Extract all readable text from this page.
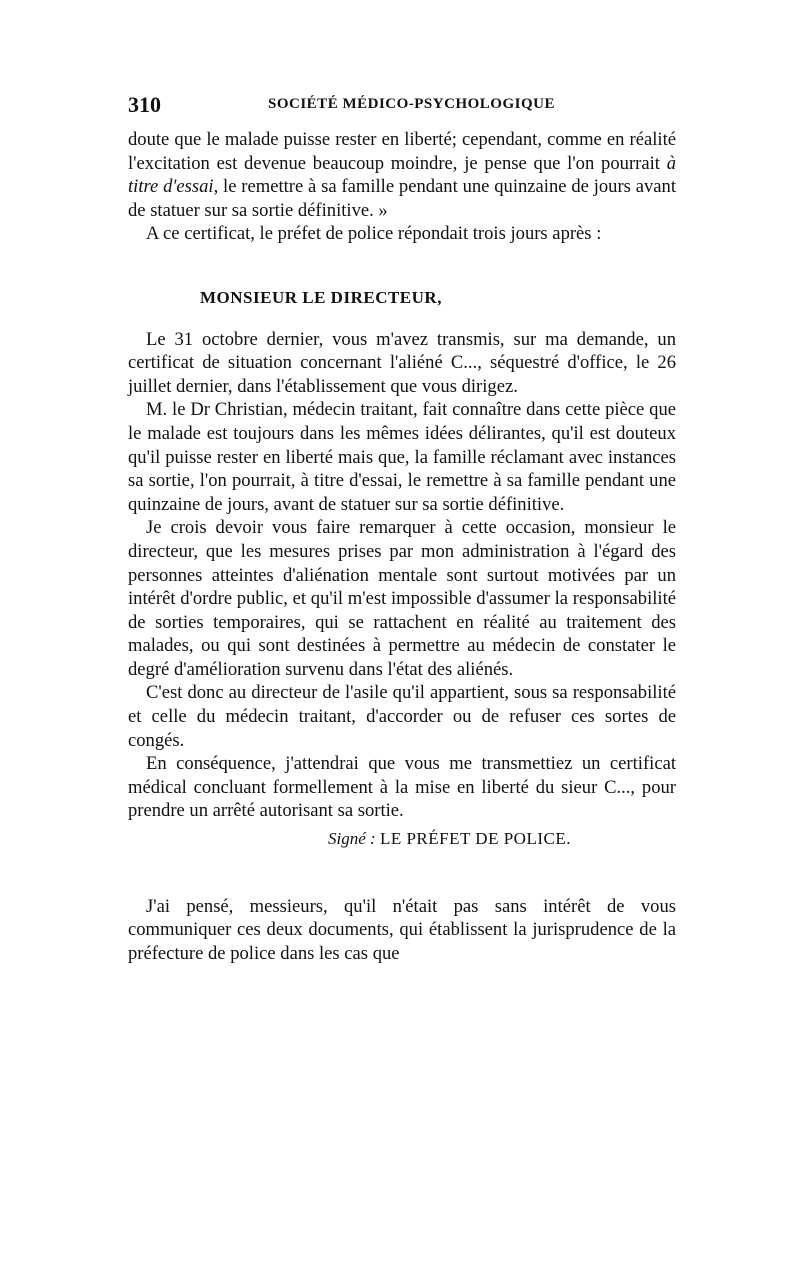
310	SOCIÉTÉ MÉDICO-PSYCHOLOGIQUE

doute que le malade puisse rester en liberté; cependant, comme en réalité l'excitation est devenue beaucoup moindre, je pense que l'on pourrait à titre d'essai, le remettre à sa famille pendant une quinzaine de jours avant de statuer sur sa sortie définitive. »

A ce certificat, le préfet de police répondait trois jours après :

MONSIEUR LE DIRECTEUR,

Le 31 octobre dernier, vous m'avez transmis, sur ma demande, un certificat de situation concernant l'aliéné C..., séquestré d'office, le 26 juillet dernier, dans l'établissement que vous dirigez.

M. le Dr Christian, médecin traitant, fait connaître dans cette pièce que le malade est toujours dans les mêmes idées délirantes, qu'il est douteux qu'il puisse rester en liberté mais que, la famille réclamant avec instances sa sortie, l'on pourrait, à titre d'essai, le remettre à sa famille pendant une quinzaine de jours, avant de statuer sur sa sortie définitive.

Je crois devoir vous faire remarquer à cette occasion, monsieur le directeur, que les mesures prises par mon administration à l'égard des personnes atteintes d'aliénation mentale sont surtout motivées par un intérêt d'ordre public, et qu'il m'est impossible d'assumer la responsabilité de sorties temporaires, qui se rattachent en réalité au traitement des malades, ou qui sont destinées à permettre au médecin de constater le degré d'amélioration survenu dans l'état des aliénés.

C'est donc au directeur de l'asile qu'il appartient, sous sa responsabilité et celle du médecin traitant, d'accorder ou de refuser ces sortes de congés.

En conséquence, j'attendrai que vous me transmettiez un certificat médical concluant formellement à la mise en liberté du sieur C..., pour prendre un arrêté autorisant sa sortie.

Signé : LE PRÉFET DE POLICE.

J'ai pensé, messieurs, qu'il n'était pas sans intérêt de vous communiquer ces deux documents, qui établissent la jurisprudence de la préfecture de police dans les cas que
